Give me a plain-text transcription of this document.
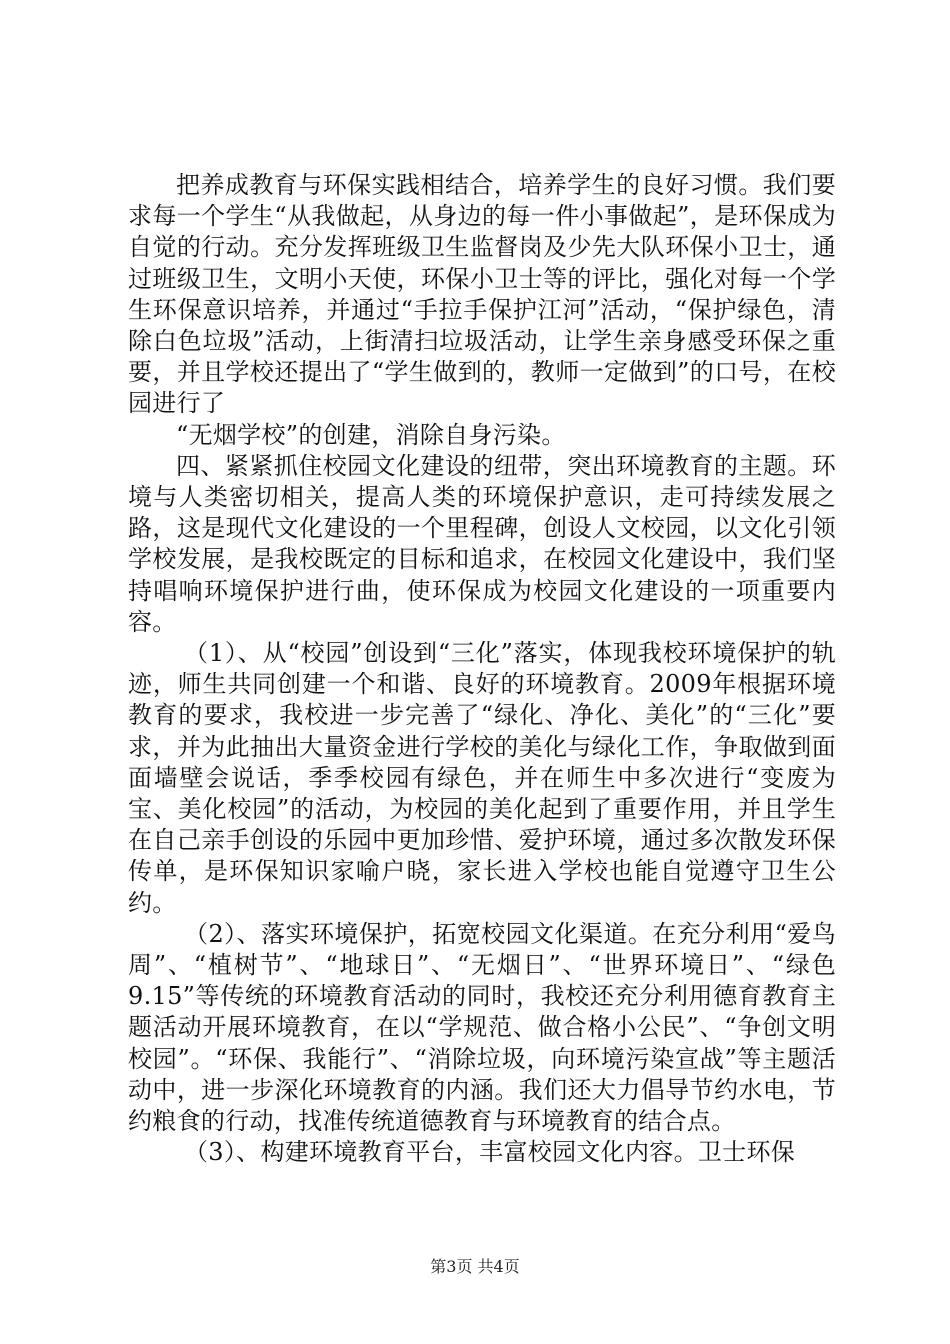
把养成教育与环保实践相结合，培养学生的良好习惯。我们要求每一个学生“从我做起，从身边的每一件小事做起”，是环保成为自觉的行动。充分发挥班级卫生监督岗及少先大队环保小卫士，通过班级卫生，文明小天使，环保小卫士等的评比，强化对每一个学生环保意识培养，并通过“手拉手保护江河”活动，“保护绿色，清除白色垃圾”活动，上街清扫垃圾活动，让学生亲身感受环保之重要，并且学校还提出了“学生做到的，教师一定做到”的口号，在校园进行了

“无烟学校”的创建，消除自身污染。

四、紧紧抓住校园文化建设的纽带，突出环境教育的主题。环境与人类密切相关，提高人类的环境保护意识，走可持续发展之路，这是现代文化建设的一个里程碑，创设人文校园，以文化引领学校发展，是我校既定的目标和追求，在校园文化建设中，我们坚持唱响环境保护进行曲，使环保成为校园文化建设的一项重要内容。

（1）、从“校园”创设到“三化”落实，体现我校环境保护的轨迹，师生共同创建一个和谐、良好的环境教育。2009年根据环境教育的要求，我校进一步完善了“绿化、净化、美化”的“三化”要求，并为此抽出大量资金进行学校的美化与绿化工作，争取做到面面墙壁会说话，季季校园有绿色，并在师生中多次进行“变废为宝、美化校园”的活动，为校园的美化起到了重要作用，并且学生在自己亲手创设的乐园中更加珍惜、爱护环境，通过多次散发环保传单，是环保知识家喻户晓，家长进入学校也能自觉遵守卫生公约。

（2）、落实环境保护，拓宽校园文化渠道。在充分利用“爱鸟周”、“植树节”、“地球日”、“无烟日”、“世界环境日”、“绿色9.15”等传统的环境教育活动的同时，我校还充分利用德育教育主题活动开展环境教育，在以“学规范、做合格小公民”、“争创文明校园”。“环保、我能行”、“消除垃圾，向环境污染宣战”等主题活动中，进一步深化环境教育的内涵。我们还大力倡导节约水电，节约粮食的行动，找准传统道德教育与环境教育的结合点。

（3）、构建环境教育平台，丰富校园文化内容。卫士环保

第3页 共4页
